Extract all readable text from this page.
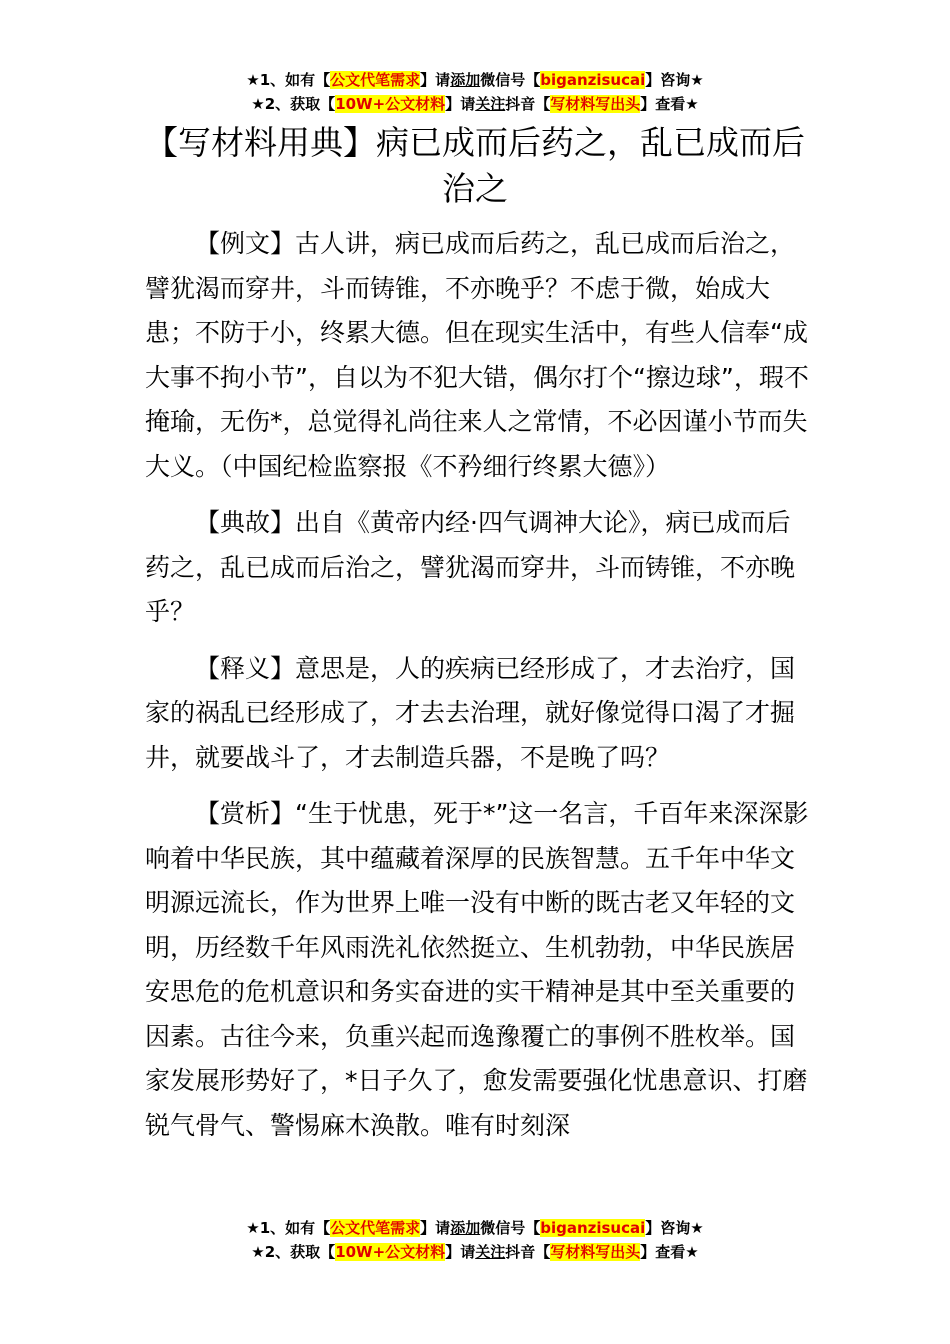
★1、如有【公文代笔需求】请添加微信号【biganzisucai】咨询★
★2、获取【10W+公文材料】请关注抖音【写材料写出头】查看★
【写材料用典】病已成而后药之，乱已成而后治之

【例文】古人讲，病已成而后药之，乱已成而后治之，譬犹渴而穿井，斗而铸锥，不亦晚乎？不虑于微，始成大患；不防于小，终累大德。但在现实生活中，有些人信奉“成大事不拘小节”，自以为不犯大错，偶尔打个“擦边球”，瑕不掩瑜，无伤*，总觉得礼尚往来人之常情，不必因谨小节而失大义。（中国纪检监察报《不矜细行终累大德》）

【典故】出自《黄帝内经·四气调神大论》，病已成而后药之，乱已成而后治之，譬犹渴而穿井，斗而铸锥，不亦晚乎？

【释义】意思是，人的疾病已经形成了，才去治疗，国家的祸乱已经形成了，才去去治理，就好像觉得口渴了才掘井，就要战斗了，才去制造兵器，不是晚了吗？

【赏析】“生于忧患，死于*”这一名言，千百年来深深影响着中华民族，其中蕴藏着深厚的民族智慧。五千年中华文明源远流长，作为世界上唯一没有中断的既古老又年轻的文明，历经数千年风雨洗礼依然挺立、生机勃勃，中华民族居安思危的危机意识和务实奋进的实干精神是其中至关重要的因素。古往今来，负重兴起而逸豫覆亡的事例不胜枚举。国家发展形势好了，*日子久了，愈发需要强化忧患意识、打磨锐气骨气、警惕麻木涣散。唯有时刻深

★1、如有【公文代笔需求】请添加微信号【biganzisucai】咨询★
★2、获取【10W+公文材料】请关注抖音【写材料写出头】查看★
